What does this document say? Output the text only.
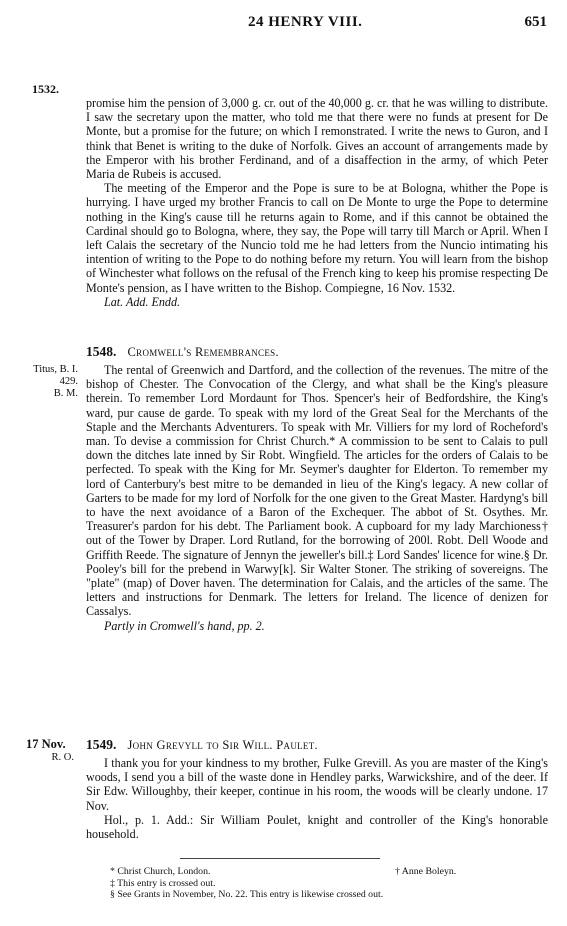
24 HENRY VIII.	651
1532.

promise him the pension of 3,000 g. cr. out of the 40,000 g. cr. that he was willing to distribute. I saw the secretary upon the matter, who told me that there were no funds at present for De Monte, but a promise for the future; on which I remonstrated. I write the news to Guron, and I think that Benet is writing to the duke of Norfolk. Gives an account of arrangements made by the Emperor with his brother Ferdinand, and of a disaffection in the army, of which Peter Maria de Rubeis is accused.

The meeting of the Emperor and the Pope is sure to be at Bologna, whither the Pope is hurrying. I have urged my brother Francis to call on De Monte to urge the Pope to determine nothing in the King's cause till he returns again to Rome, and if this cannot be obtained the Cardinal should go to Bologna, where, they say, the Pope will tarry till March or April. When I left Calais the secretary of the Nuncio told me he had letters from the Nuncio intimating his intention of writing to the Pope to do nothing before my return. You will learn from the bishop of Winchester what follows on the refusal of the French king to keep his promise respecting De Monte's pension, as I have written to the Bishop. Compiegne, 16 Nov. 1532.

Lat. Add. Endd.

1548. Cromwell's Remembrances.
Titus, B. I.
429.
B. M.

The rental of Greenwich and Dartford, and the collection of the revenues. The mitre of the bishop of Chester. The Convocation of the Clergy, and what shall be the King's pleasure therein. To remember Lord Mordaunt for Thos. Spencer's heir of Bedfordshire, the King's ward, pur cause de garde. To speak with my lord of the Great Seal for the Merchants of the Staple and the Merchants Adventurers. To speak with Mr. Villiers for my lord of Rocheford's man. To devise a commission for Christ Church.* A commission to be sent to Calais to pull down the ditches late inned by Sir Robt. Wingfield. The articles for the orders of Calais to be perfected. To speak with the King for Mr. Seymer's daughter for Elderton. To remember my lord of Canterbury's best mitre to be demanded in lieu of the King's legacy. A new collar of Garters to be made for my lord of Norfolk for the one given to the Great Master. Hardyng's bill to have the next avoidance of a Baron of the Exchequer. The abbot of St. Osythes. Mr. Treasurer's pardon for his debt. The Parliament book. A cupboard for my lady Marchioness† out of the Tower by Draper. Lord Rutland, for the borrowing of 200l. Robt. Dell Woode and Griffith Reede. The signature of Jennyn the jeweller's bill.‡ Lord Sandes' licence for wine.§ Dr. Pooley's bill for the prebend in Warwy[k]. Sir Walter Stoner. The striking of sovereigns. The "plate" (map) of Dover haven. The determination for Calais, and the articles of the same. The letters and instructions for Denmark. The letters for Ireland. The licence of denizen for Cassalys.

Partly in Cromwell's hand, pp. 2.

17 Nov.
R. O.
1549. John Grevyll to Sir Will. Paulet.

I thank you for your kindness to my brother, Fulke Grevill. As you are master of the King's woods, I send you a bill of the waste done in Hendley parks, Warwickshire, and of the deer. If Sir Edw. Willoughby, their keeper, continue in his room, the woods will be clearly undone. 17 Nov.

Hol., p. 1. Add.: Sir William Poulet, knight and controller of the King's honorable household.

* Christ Church, London.	† Anne Boleyn.
‡ This entry is crossed out.
§ See Grants in November, No. 22. This entry is likewise crossed out.
